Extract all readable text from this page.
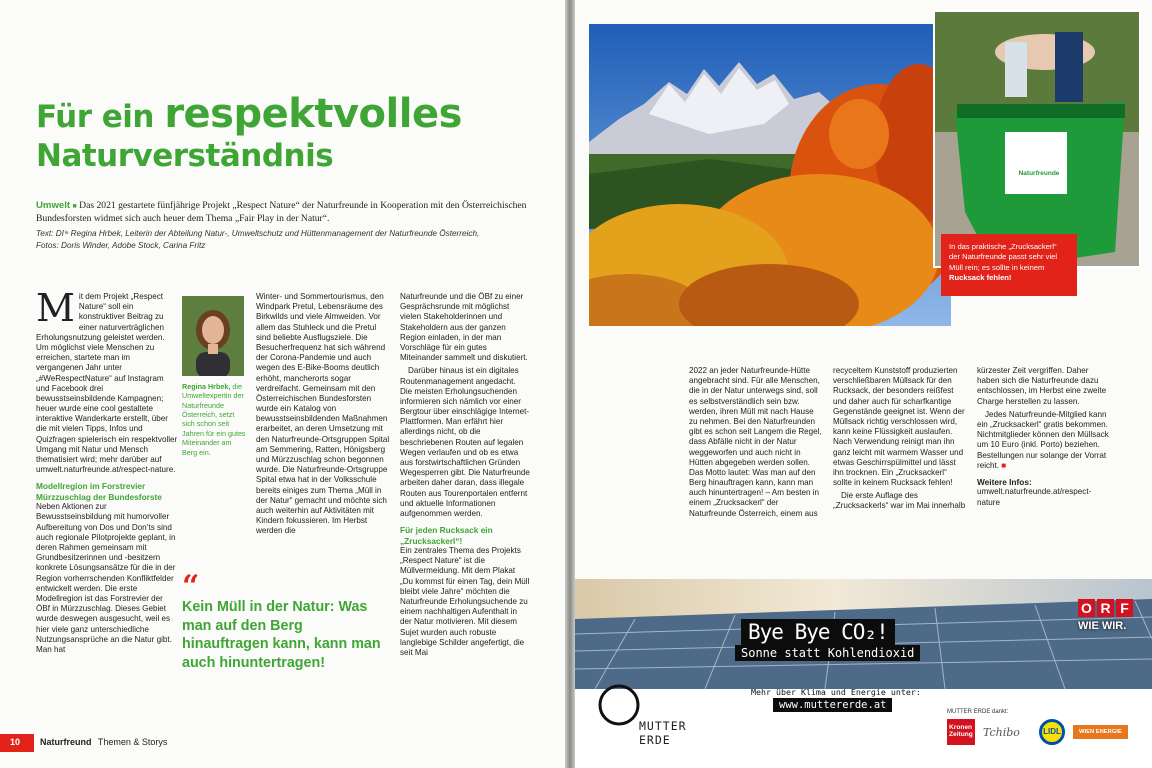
Für ein respektvolles
Naturverständnis
Umwelt ■ Das 2021 gestartete fünfjährige Projekt „Respect Nature“ der Naturfreunde in Kooperation mit den Österreichischen Bundesforsten widmet sich auch heuer dem Thema „Fair Play in der Natur“.
Text: DIⁱⁿ Regina Hrbek, Leiterin der Abteilung Natur-, Umweltschutz und Hüttenmanagement der Naturfreunde Österreich,
Fotos: Doris Winder, Adobe Stock, Carina Fritz

Mit dem Projekt „Respect Nature“ soll ein konstruktiver Beitrag zu einer naturverträglichen Erholungsnutzung geleistet werden. Um möglichst viele Menschen zu erreichen, startete man im vergangenen Jahr unter „#WeRespectNature“ auf Instagram und Facebook drei bewusstseinsbildende Kampagnen; heuer wurde eine cool gestaltete interaktive Wanderkarte erstellt, über die mit vielen Tipps, Infos und Quizfragen spielerisch ein respektvoller Umgang mit Natur und Mensch thematisiert wird; mehr darüber auf umwelt.naturfreunde.at/respect-nature.

Modellregion im Forstrevier Mürzzuschlag der Bundesforste

Neben Aktionen zur Bewusstseinsbildung mit humorvoller Aufbereitung von Dos und Don’ts sind auch regionale Pilotprojekte geplant, in deren Rahmen gemeinsam mit Grundbesitzerinnen und -besitzern konkrete Lösungsansätze für die in der Region vorherrschenden Konfliktfelder entwickelt werden. Die erste Modellregion ist das Forstrevier der ÖBf in Mürzzuschlag. Dieses Gebiet wurde deswegen ausgesucht, weil es hier viele ganz unterschiedliche Nutzungsansprüche an die Natur gibt. Man hat

Regina Hrbek, die Umweltexpertin der Naturfreunde Österreich, setzt sich schon seit Jahren für ein gutes Miteinander am Berg ein.

Winter- und Sommertourismus, den Windpark Pretul, Lebensräume des Birkwilds und viele Almweiden. Vor allem das Stuhleck und die Pretul sind beliebte Ausflugsziele. Die Besucherfrequenz hat sich während der Corona-Pandemie und auch wegen des E-Bike-Booms deutlich erhöht, mancherorts sogar verdreifacht. Gemeinsam mit den Österreichischen Bundesforsten wurde ein Katalog von bewusstseinsbildenden Maßnahmen erarbeitet, an deren Umsetzung mit den Naturfreunde-Ortsgruppen Spital am Semmering, Ratten, Hönigsberg und Mürzzuschlag schon begonnen wurde. Die Naturfreunde-Ortsgruppe Spital etwa hat in der Volksschule bereits einiges zum Thema „Müll in der Natur“ gemacht und möchte sich auch weiterhin auf Aktivitäten mit Kindern fokussieren. Im Herbst werden die

Naturfreunde und die ÖBf zu einer Gesprächsrunde mit möglichst vielen Stakeholderinnen und Stakeholdern aus der ganzen Region einladen, in der man Vorschläge für ein gutes Miteinander sammelt und diskutiert.

Darüber hinaus ist ein digitales Routenmanagement angedacht. Die meisten Erholungsuchenden informieren sich nämlich vor einer Bergtour über einschlägige Internet-Plattformen. Man erfährt hier allerdings nicht, ob die beschriebenen Routen auf legalen Wegen verlaufen und ob es etwa aus forstwirtschaftlichen Gründen Wegesperren gibt. Die Naturfreunde arbeiten daher daran, dass illegale Routen aus Tourenportalen entfernt und aktuelle Informationen aufgenommen werden.

Für jeden Rucksack ein „Zrucksackerl“!

Ein zentrales Thema des Projekts „Respect Nature“ ist die Müllvermeidung. Mit dem Plakat „Du kommst für einen Tag, dein Müll bleibt viele Jahre“ möchten die Naturfreunde Erholungsuchende zu einem nachhaltigen Aufenthalt in der Natur motivieren. Mit diesem Sujet wurden auch robuste langlebige Schilder angefertigt, die seit Mai

“
Kein Müll in der Natur: Was man auf den Berg hinauftragen kann, kann man auch hinuntertragen!
10	Naturfreund Themen & Storys
Naturfreunde
In das praktische „Zrucksackerl“ der Naturfreunde passt sehr viel Müll rein; es sollte in keinem Rucksack fehlen!

2022 an jeder Naturfreunde-Hütte angebracht sind. Für alle Menschen, die in der Natur unterwegs sind, soll es selbstverständlich sein bzw. werden, ihren Müll mit nach Hause zu nehmen. Bei den Naturfreunden gibt es schon seit Langem die Regel, dass Abfälle nicht in der Natur weggeworfen und auch nicht in Hütten abgegeben werden sollen. Das Motto lautet: Was man auf den Berg hinauftragen kann, kann man auch hinuntertragen! – Am besten in einem „Zrucksackerl“ der Naturfreunde Österreich, einem aus

recyceltem Kunststoff produzierten verschließbaren Müllsack für den Rucksack, der besonders reißfest und daher auch für scharfkantige Gegenstände geeignet ist. Wenn der Müllsack richtig verschlossen wird, kann keine Flüssigkeit auslaufen. Nach Verwendung reinigt man ihn ganz leicht mit warmem Wasser und etwas Geschirrspülmittel und lässt ihn trocknen. Ein „Zrucksackerl“ sollte in keinem Rucksack fehlen!

Die erste Auflage des „Zrucksackerls“ war im Mai innerhalb

kürzester Zeit vergriffen. Daher haben sich die Naturfreunde dazu entschlossen, im Herbst eine zweite Charge herstellen zu lassen.

Jedes Naturfreunde-Mitglied kann ein „Zrucksackerl“ gratis bekommen. Nichtmitglieder können den Müllsack um 10 Euro (inkl. Porto) beziehen. Bestellungen nur solange der Vorrat reicht. ■

Weitere Infos:

umwelt.naturfreunde.at/respect-nature

Bye Bye CO₂!
Sonne statt Kohlendioxid
O R F
WIE WIR.
Mehr über Klima und Energie unter:
www.muttererde.at
MUTTER
ERDE
MUTTER ERDE dankt:
Kronen Zeitung Tchibo	LIDL	WIEN ENERGIE
